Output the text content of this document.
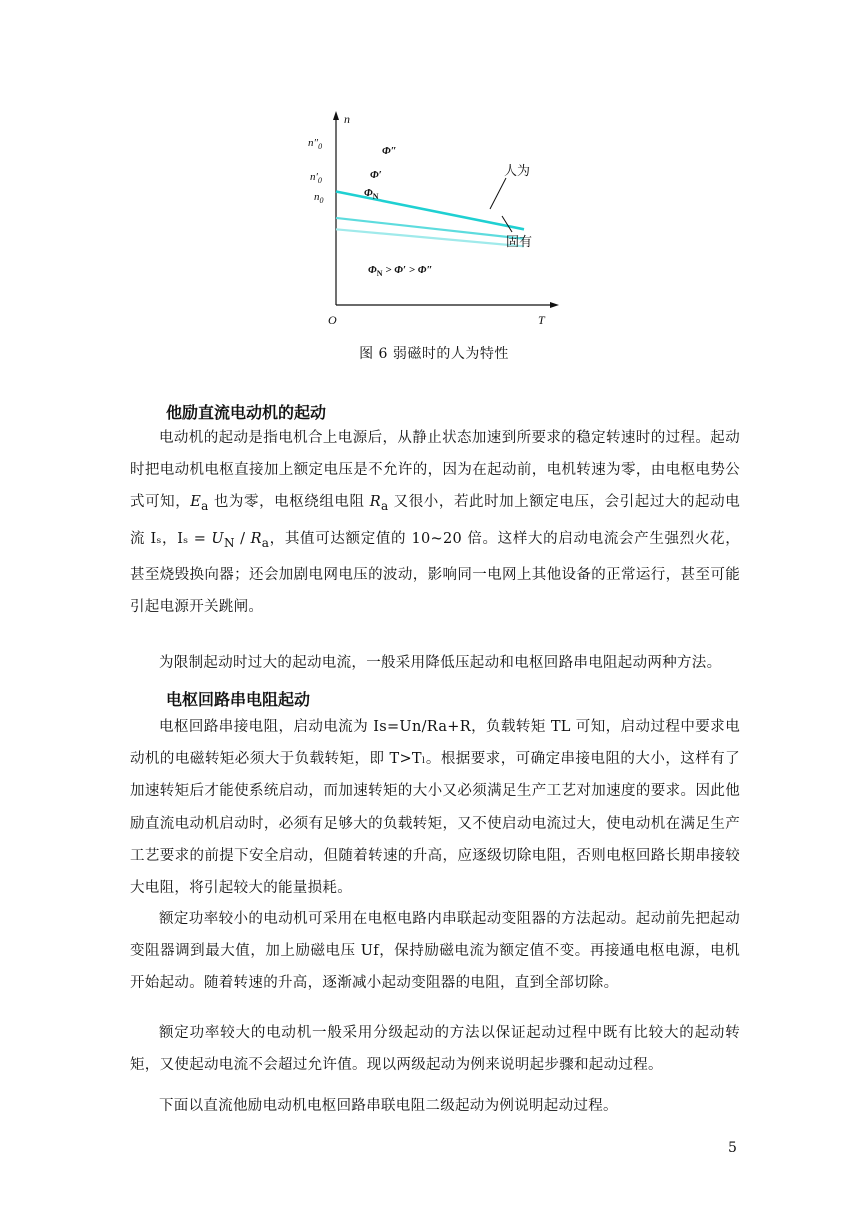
n
T
O
$n''_0$
$n'_0$
$n_0$
Φ″
Φ′
$\Phi_N$
人为
固有
$\Phi_N > \Phi' > \Phi''$
图 6 弱磁时的人为特性
他励直流电动机的起动
电动机的起动是指电机合上电源后，从静止状态加速到所要求的稳定转速时的过程。起动时把电动机电枢直接加上额定电压是不允许的，因为在起动前，电机转速为零，由电枢电势公式可知，$E_a$ 也为零，电枢绕组电阻 $R_a$ 又很小，若此时加上额定电压，会引起过大的起动电流 Iₛ，$I_s = U_N / R_a$，其值可达额定值的 10~20 倍。这样大的启动电流会产生强烈火花，甚至烧毁换向器；还会加剧电网电压的波动，影响同一电网上其他设备的正常运行，甚至可能引起电源开关跳闸。
为限制起动时过大的起动电流，一般采用降低压起动和电枢回路串电阻起动两种方法。
电枢回路串电阻起动
电枢回路串接电阻，启动电流为 Is=Un/Ra+R，负载转矩 TL 可知，启动过程中要求电动机的电磁转矩必须大于负载转矩，即 T>Tₗ。根据要求，可确定串接电阻的大小，这样有了加速转矩后才能使系统启动，而加速转矩的大小又必须满足生产工艺对加速度的要求。因此他励直流电动机启动时，必须有足够大的负载转矩，又不使启动电流过大，使电动机在满足生产工艺要求的前提下安全启动，但随着转速的升高，应逐级切除电阻，否则电枢回路长期串接较大电阻，将引起较大的能量损耗。
额定功率较小的电动机可采用在电枢电路内串联起动变阻器的方法起动。起动前先把起动变阻器调到最大值，加上励磁电压 Uf，保持励磁电流为额定值不变。再接通电枢电源，电机开始起动。随着转速的升高，逐渐减小起动变阻器的电阻，直到全部切除。
额定功率较大的电动机一般采用分级起动的方法以保证起动过程中既有比较大的起动转矩，又使起动电流不会超过允许值。现以两级起动为例来说明起步骤和起动过程。
下面以直流他励电动机电枢回路串联电阻二级起动为例说明起动过程。
5
